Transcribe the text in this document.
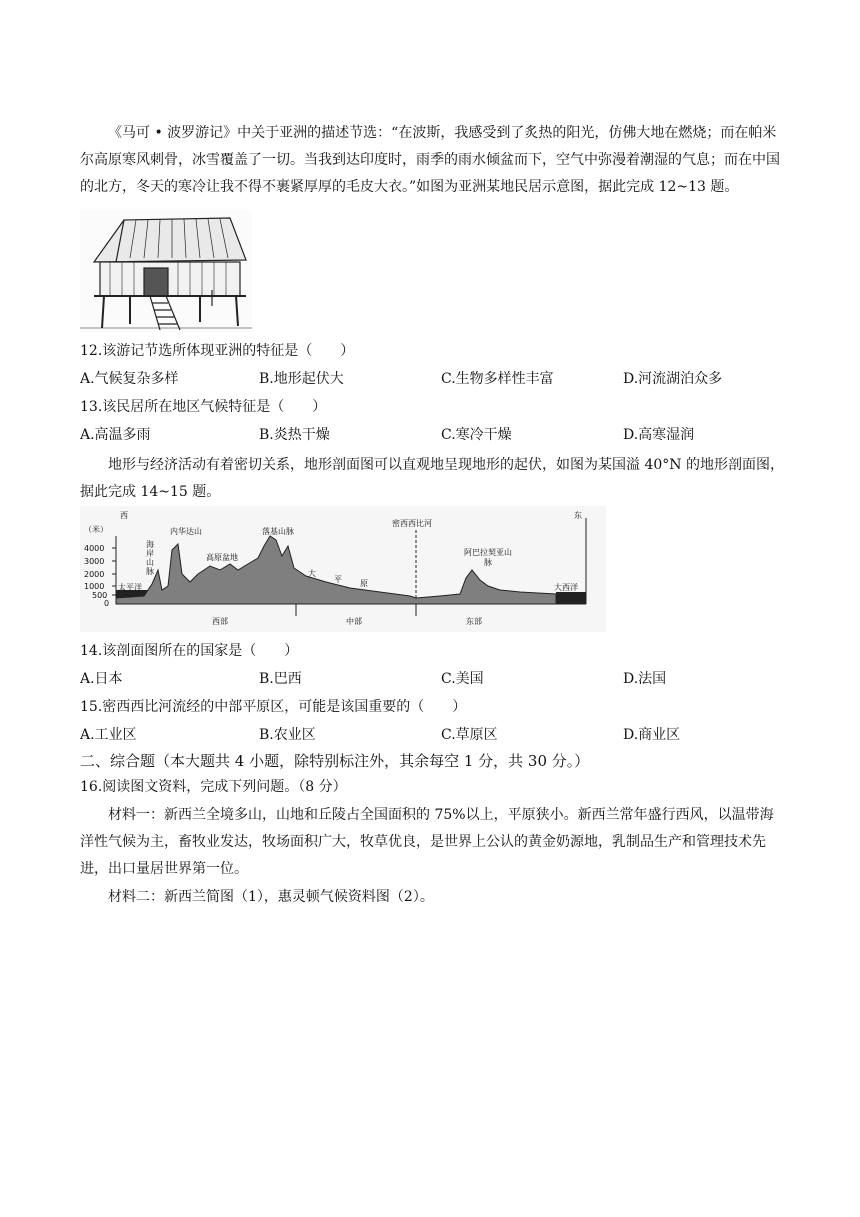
《马可 • 波罗游记》中关于亚洲的描述节选：“在波斯，我感受到了炙热的阳光，仿佛大地在燃烧；而在帕米尔高原寒风刺骨，冰雪覆盖了一切。当我到达印度时，雨季的雨水倾盆而下，空气中弥漫着潮湿的气息；而在中国的北方，冬天的寒冷让我不得不裹紧厚厚的毛皮大衣。”如图为亚洲某地民居示意图，据此完成 12~13 题。

12.该游记节选所体现亚洲的特征是（　　）
A.气候复杂多样	B.地形起伏大	C.生物多样性丰富	D.河流湖泊众多
13.该民居所在地区气候特征是（　　）
A.高温多雨	B.炎热干燥	C.寒冷干燥	D.高寒湿润

地形与经济活动有着密切关系，地形剖面图可以直观地呈现地形的起伏，如图为某国溢 40°N 的地形剖面图，据此完成 14~15 题。

西	东
（米）
4000
3000
2000
1000
500
0
内华达山
高原盆地
落基山脉
密西西比河
太平洋	大西洋
大
平 原
西部	中部	东部
海岸山脉
阿巴拉契亚山脉
14.该剖面图所在的国家是（　　）
A.日本	B.巴西	C.美国	D.法国
15.密西西比河流经的中部平原区，可能是该国重要的（　　）
A.工业区	B.农业区	C.草原区	D.商业区
二、综合题（本大题共 4 小题，除特别标注外，其余每空 1 分，共 30 分。）
16.阅读图文资料，完成下列问题。（8 分）

材料一：新西兰全境多山，山地和丘陵占全国面积的 75%以上，平原狭小。新西兰常年盛行西风，以温带海洋性气候为主，畜牧业发达，牧场面积广大，牧草优良，是世界上公认的黄金奶源地，乳制品生产和管理技术先进，出口量居世界第一位。

材料二：新西兰简图（1），惠灵顿气候资料图（2）。
